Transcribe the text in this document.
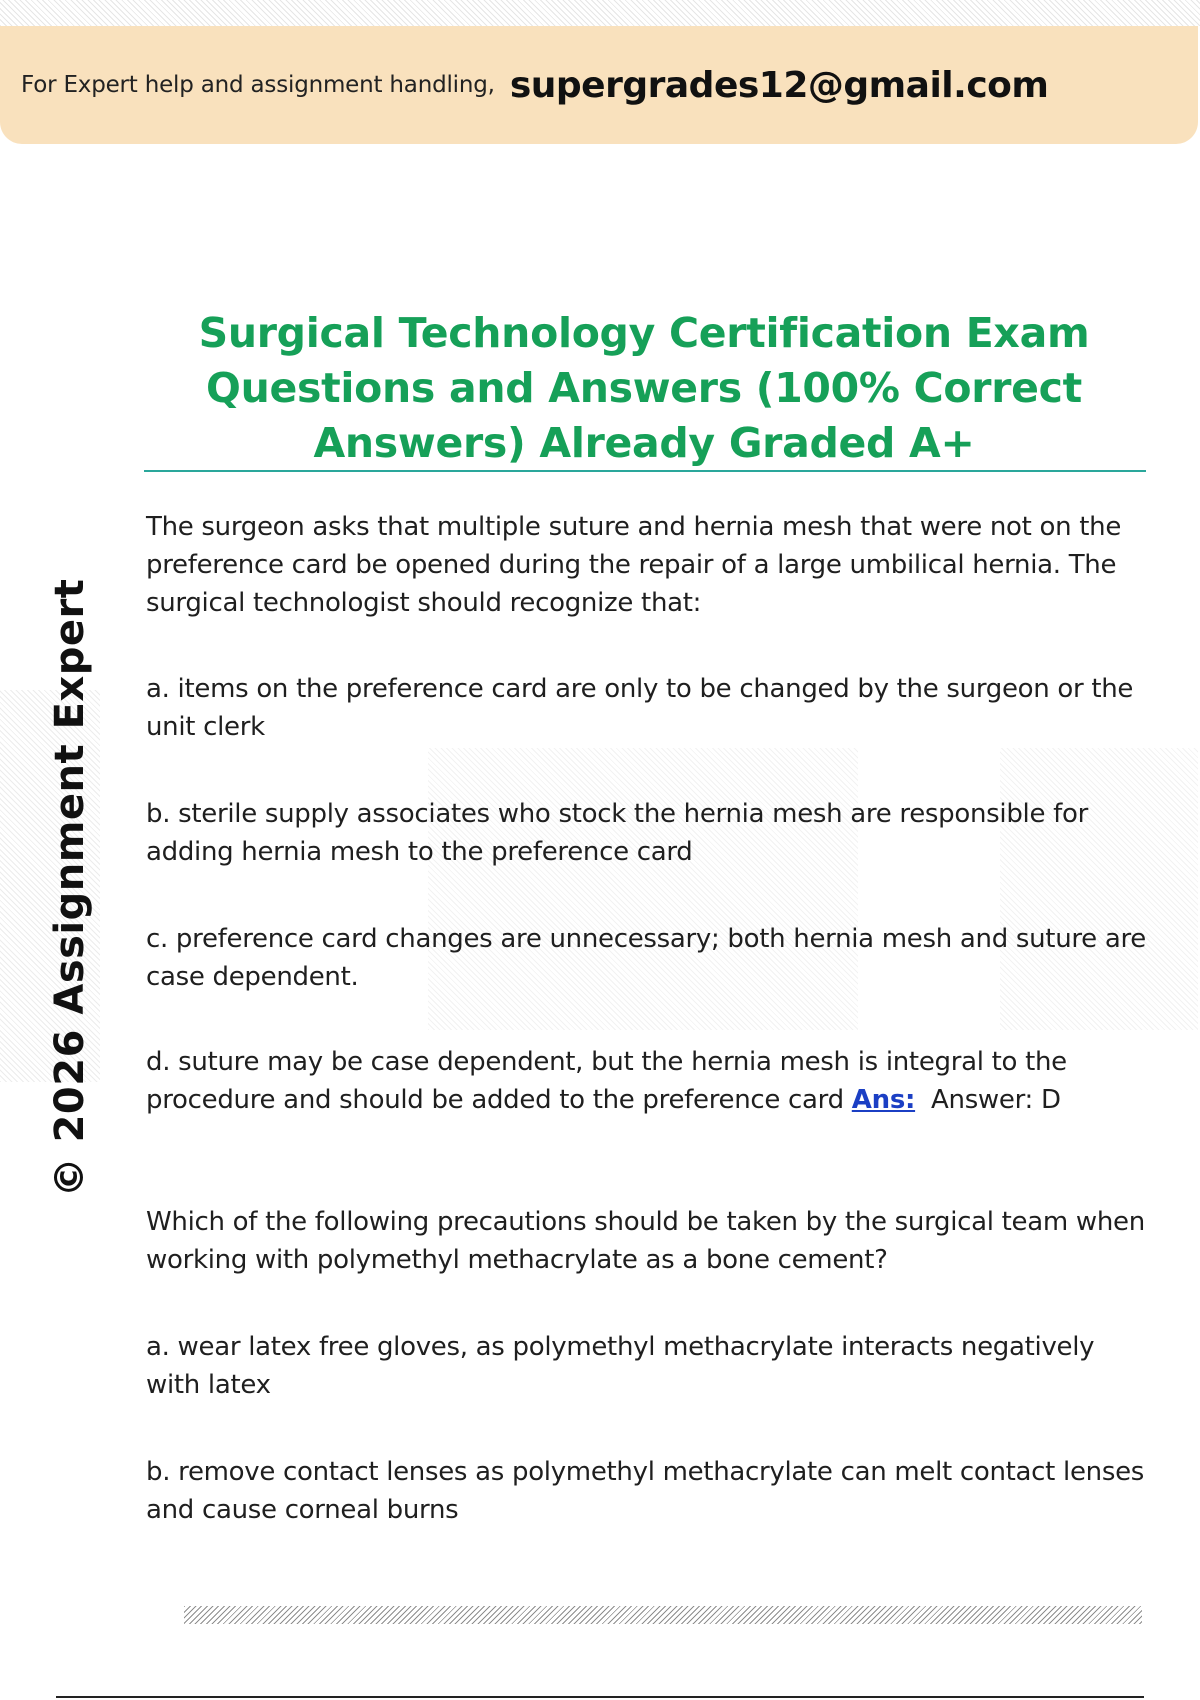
For Expert help and assignment handling, supergrades12@gmail.com
© 2026 Assignment Expert
Surgical Technology Certification Exam Questions and Answers (100% Correct Answers) Already Graded A+

The surgeon asks that multiple suture and hernia mesh that were not on the preference card be opened during the repair of a large umbilical hernia. The surgical technologist should recognize that:

a. items on the preference card are only to be changed by the surgeon or the unit clerk

b. sterile supply associates who stock the hernia mesh are responsible for adding hernia mesh to the preference card

c. preference card changes are unnecessary; both hernia mesh and suture are case dependent.

d. suture may be case dependent, but the hernia mesh is integral to the procedure and should be added to the preference card Ans:  Answer: D

Which of the following precautions should be taken by the surgical team when working with polymethyl methacrylate as a bone cement?

a. wear latex free gloves, as polymethyl methacrylate interacts negatively with latex

b. remove contact lenses as polymethyl methacrylate can melt contact lenses and cause corneal burns
